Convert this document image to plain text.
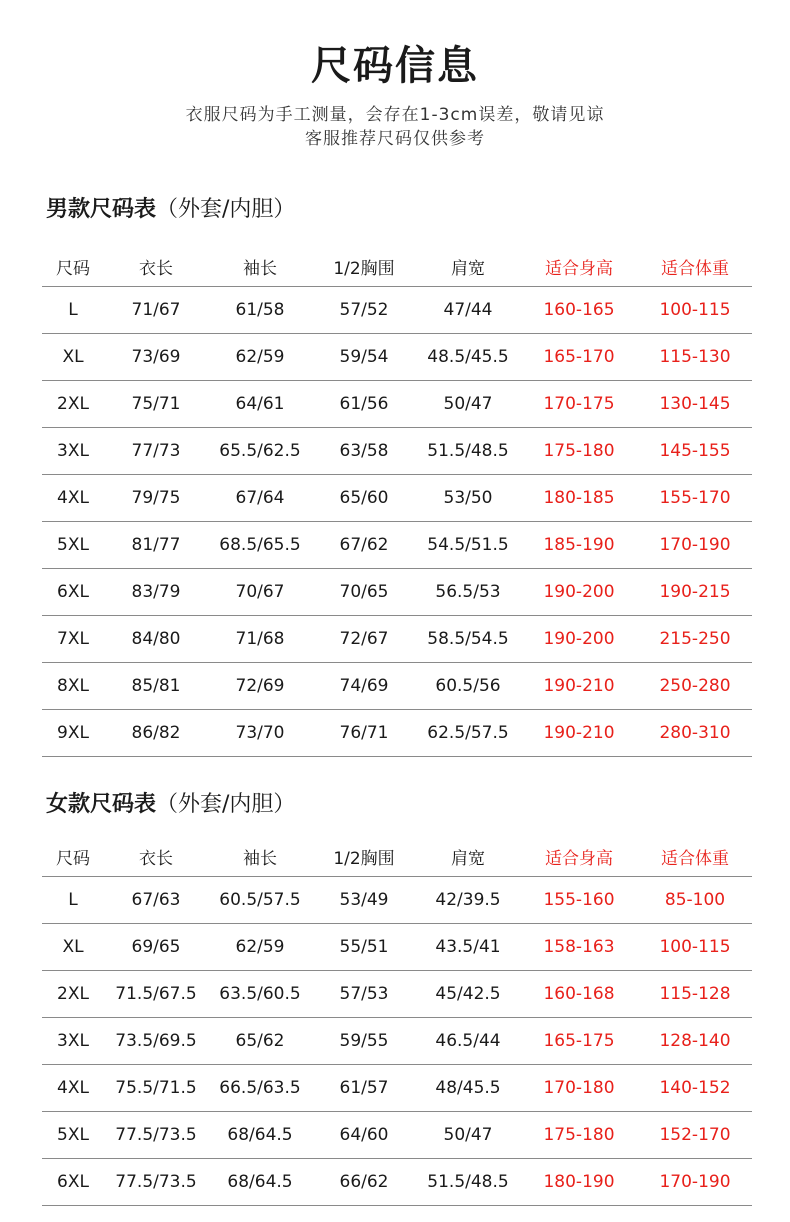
尺码信息
衣服尺码为手工测量，会存在1-3cm误差，敬请见谅
客服推荐尺码仅供参考
男款尺码表（外套/内胆）
尺码	衣长	袖长	1/2胸围	肩宽	适合身高	适合体重
L	71/67	61/58	57/52	47/44	160-165	100-115
XL	73/69	62/59	59/54	48.5/45.5	165-170	115-130
2XL	75/71	64/61	61/56	50/47	170-175	130-145
3XL	77/73	65.5/62.5	63/58	51.5/48.5	175-180	145-155
4XL	79/75	67/64	65/60	53/50	180-185	155-170
5XL	81/77	68.5/65.5	67/62	54.5/51.5	185-190	170-190
6XL	83/79	70/67	70/65	56.5/53	190-200	190-215
7XL	84/80	71/68	72/67	58.5/54.5	190-200	215-250
8XL	85/81	72/69	74/69	60.5/56	190-210	250-280
9XL	86/82	73/70	76/71	62.5/57.5	190-210	280-310
女款尺码表（外套/内胆）
尺码	衣长	袖长	1/2胸围	肩宽	适合身高	适合体重
L	67/63	60.5/57.5	53/49	42/39.5	155-160	85-100
XL	69/65	62/59	55/51	43.5/41	158-163	100-115
2XL	71.5/67.5	63.5/60.5	57/53	45/42.5	160-168	115-128
3XL	73.5/69.5	65/62	59/55	46.5/44	165-175	128-140
4XL	75.5/71.5	66.5/63.5	61/57	48/45.5	170-180	140-152
5XL	77.5/73.5	68/64.5	64/60	50/47	175-180	152-170
6XL	77.5/73.5	68/64.5	66/62	51.5/48.5	180-190	170-190
